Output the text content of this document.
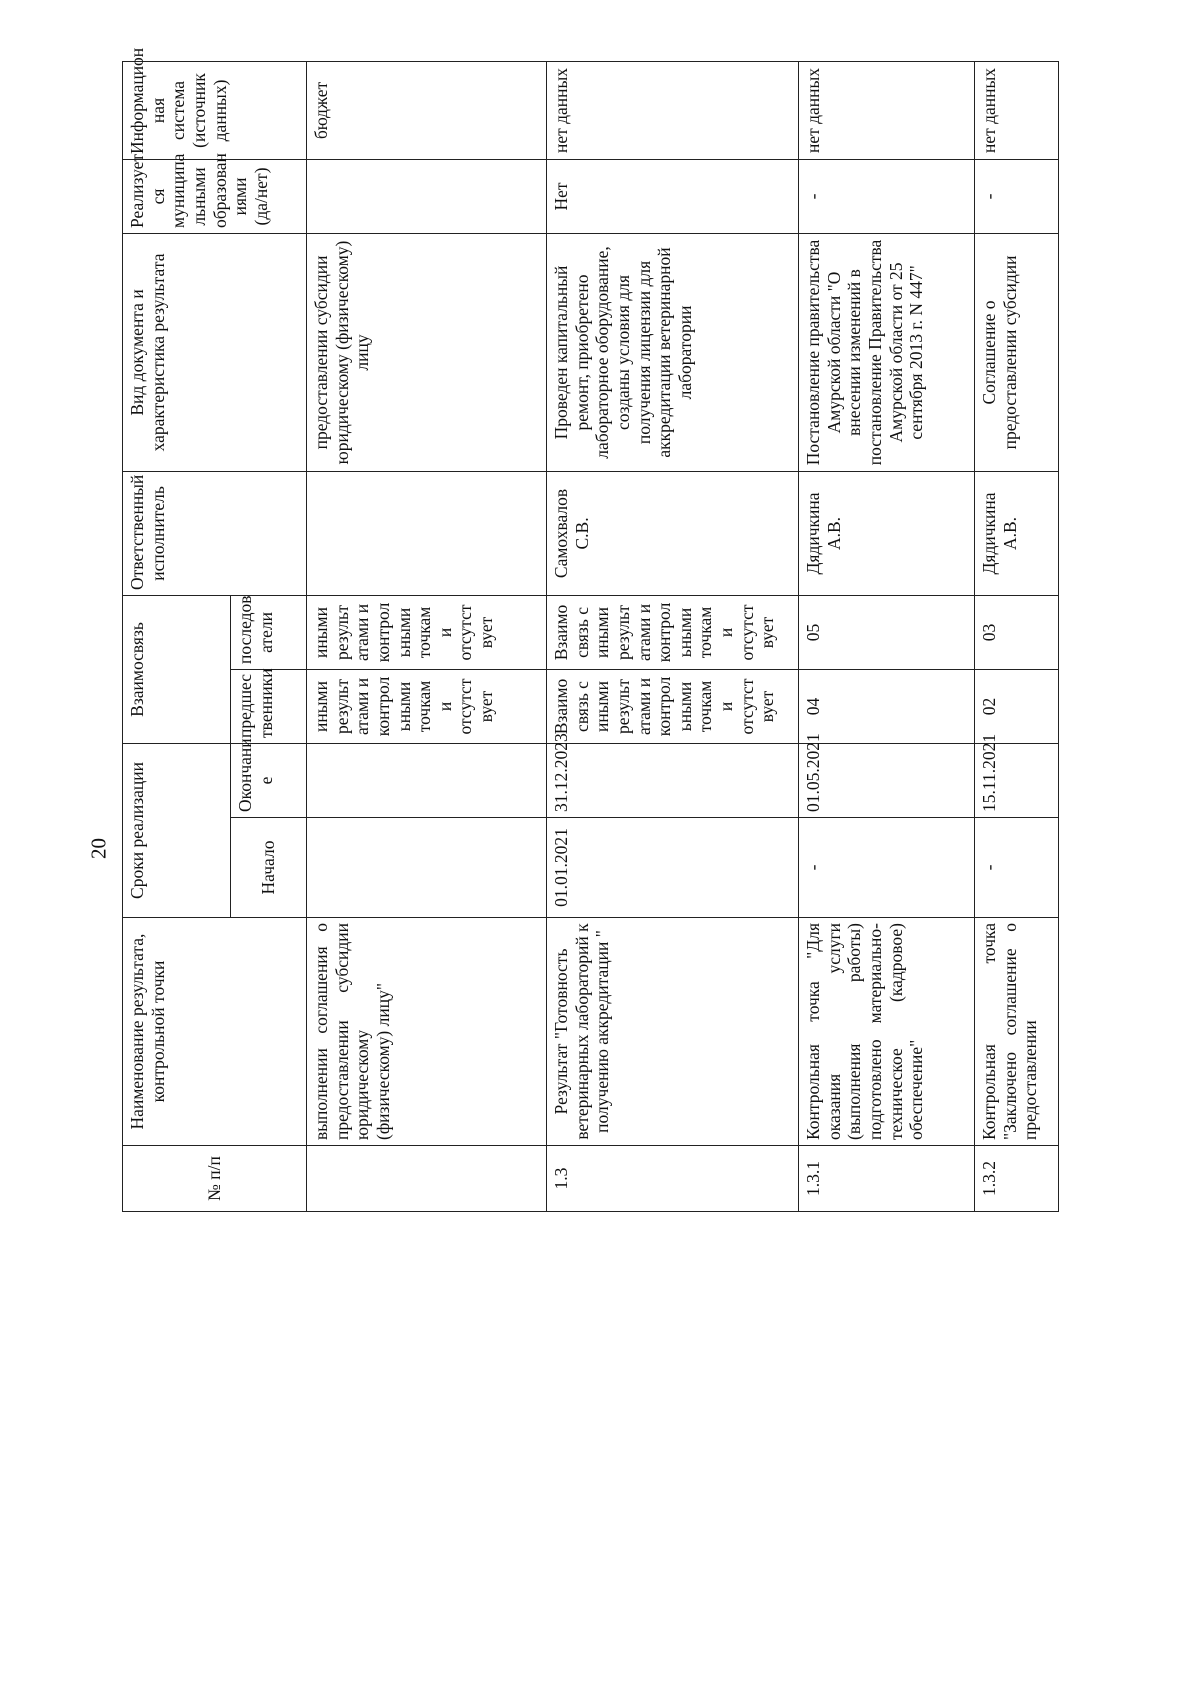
20
№ п/п	Наименование результата, контрольной точки	Сроки реализации		Взаимосвязь		Ответственный исполнитель	Вид документа и характеристика результата	Реализует ся муниципа льными образован иями (да/нет)	Информацион ная система (источник данных)
		Начало	Окончани е	предшес твенники	последов атели				
	выполнении соглашения о предоставлении субсидии юридическому (физическому) лицу"			иными результ атами и контрол ьными точкам и отсутст вует	иными результ атами и контрол ьными точкам и отсутст вует		предоставлении субсидии юридическому (физическому) лицу		бюджет
1.3	Результат "Готовность ветеринарных лабораторий к получению аккредитации "	01.01.2021	31.12.2023	Взаимо связь с иными результ атами и контрол ьными точкам и отсутст вует	Взаимо связь с иными результ атами и контрол ьными точкам и отсутст вует	Самохвалов С.В.	Проведен капитальный ремонт, приобретено лабораторное оборудование, созданы условия для получения лицензии для аккредитации ветеринарной лаборатории	Нет	нет данных
1.3.1	Контрольная точка "Для оказания услуги (выполнения работы) подготовлено материально-техническое (кадровое) обеспечение"	-	01.05.2021	04	05	Дядичкина А.В.	Постановление правительства Амурской области "О внесении изменений в постановление Правительства Амурской области от 25 сентября 2013 г. N 447"	-	нет данных
1.3.2	Контрольная точка "Заключено соглашение о предоставлении	-	15.11.2021	02	03	Дядичкина А.В.	Соглашение о предоставлении субсидии	-	нет данных
